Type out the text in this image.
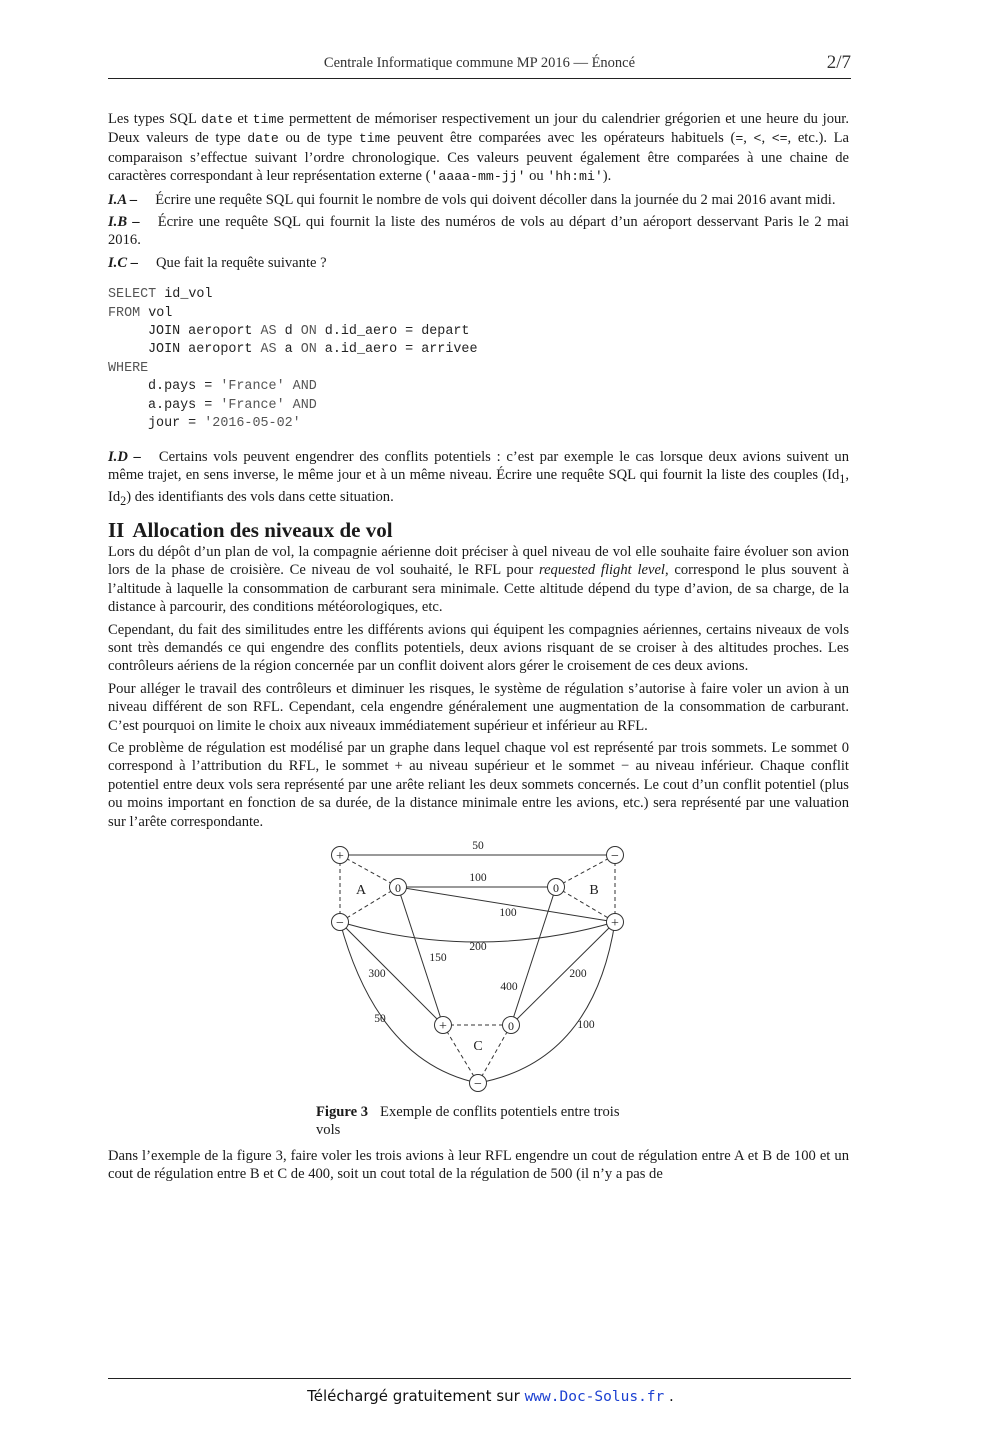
Centrale Informatique commune MP 2016 — Énoncé	2/7

Les types SQL date et time permettent de mémoriser respectivement un jour du calendrier grégorien et une heure du jour. Deux valeurs de type date ou de type time peuvent être comparées avec les opérateurs habituels (=, <, <=, etc.). La comparaison s’effectue suivant l’ordre chronologique. Ces valeurs peuvent également être comparées à une chaine de caractères correspondant à leur représentation externe ('aaaa-mm-jj' ou 'hh:mi').

I.A – Écrire une requête SQL qui fournit le nombre de vols qui doivent décoller dans la journée du 2 mai 2016 avant midi.

I.B – Écrire une requête SQL qui fournit la liste des numéros de vols au départ d’un aéroport desservant Paris le 2 mai 2016.

I.C – Que fait la requête suivante ?

SELECT id_vol
FROM vol
JOIN aeroport AS d ON d.id_aero = depart
JOIN aeroport AS a ON a.id_aero = arrivee
WHERE
d.pays = 'France' AND
a.pays = 'France' AND
jour = '2016-05-02'

I.D – Certains vols peuvent engendrer des conflits potentiels : c’est par exemple le cas lorsque deux avions suivent un même trajet, en sens inverse, le même jour et à un même niveau. Écrire une requête SQL qui fournit la liste des couples ($Id_1$, $Id_2$) des identifiants des vols dans cette situation.

II Allocation des niveaux de vol

Lors du dépôt d’un plan de vol, la compagnie aérienne doit préciser à quel niveau de vol elle souhaite faire évoluer son avion lors de la phase de croisière. Ce niveau de vol souhaité, le RFL pour requested flight level, correspond le plus souvent à l’altitude à laquelle la consommation de carburant sera minimale. Cette altitude dépend du type d’avion, de sa charge, de la distance à parcourir, des conditions météorologiques, etc.

Cependant, du fait des similitudes entre les différents avions qui équipent les compagnies aériennes, certains niveaux de vols sont très demandés ce qui engendre des conflits potentiels, deux avions risquant de se croiser à des altitudes proches. Les contrôleurs aériens de la région concernée par un conflit doivent alors gérer le croisement de ces deux avions.

Pour alléger le travail des contrôleurs et diminuer les risques, le système de régulation s’autorise à faire voler un avion à un niveau différent de son RFL. Cependant, cela engendre généralement une augmentation de la consommation de carburant. C’est pourquoi on limite le choix aux niveaux immédiatement supérieur et inférieur au RFL.

Ce problème de régulation est modélisé par un graphe dans lequel chaque vol est représenté par trois sommets. Le sommet 0 correspond à l’attribution du RFL, le sommet + au niveau supérieur et le sommet − au niveau inférieur. Chaque conflit potentiel entre deux vols sera représenté par une arête reliant les deux sommets concernés. Le cout d’un conflit potentiel (plus ou moins important en fonction de sa durée, de la distance minimale entre les avions, etc.) sera représenté par une valuation sur l’arête correspondante.

+	−
0	0
−	+
+	0
−
A	B
C
50
100
100
200
150
300
400
200
50	100
Figure 3 Exemple de conflits potentiels entre trois vols

Dans l’exemple de la figure 3, faire voler les trois avions à leur RFL engendre un cout de régulation entre A et B de 100 et un cout de régulation entre B et C de 400, soit un cout total de la régulation de 500 (il n’y a pas de

Téléchargé gratuitement sur www.Doc-Solus.fr .
